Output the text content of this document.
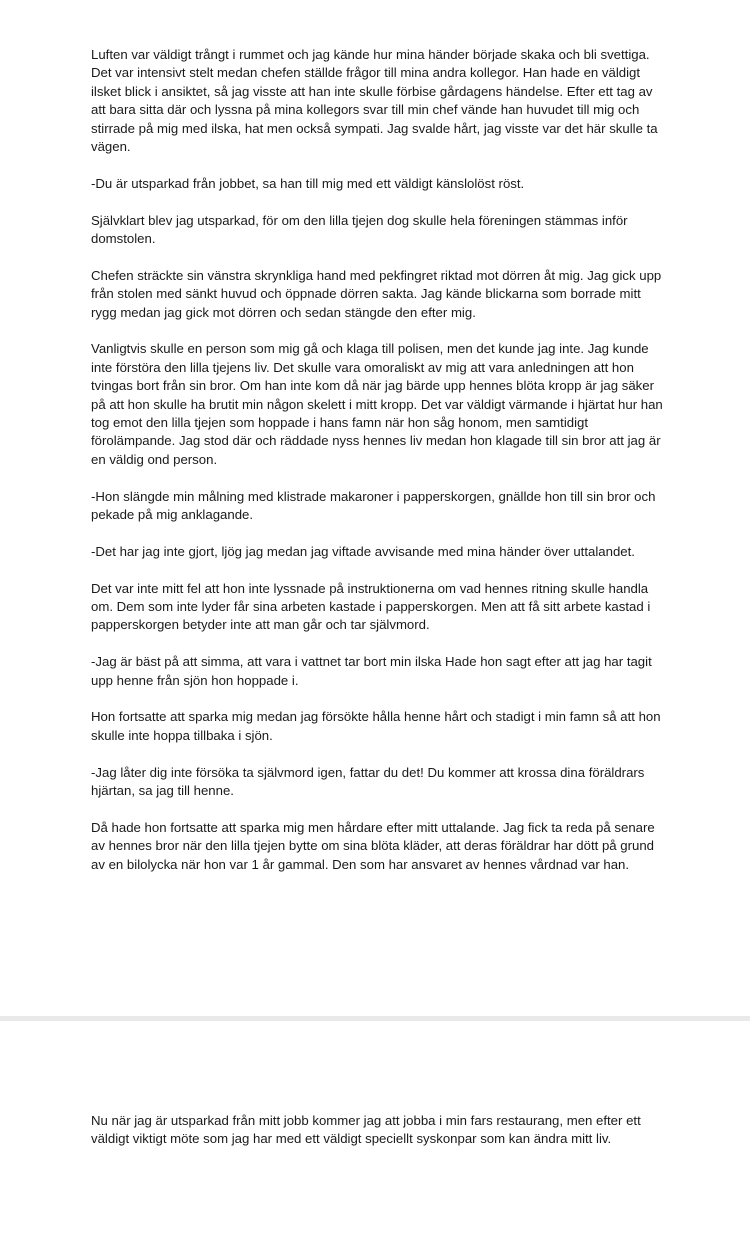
Luften var väldigt trångt i rummet och jag kände hur mina händer började skaka och bli svettiga. Det var intensivt stelt medan chefen ställde frågor till mina andra kollegor. Han hade en väldigt ilsket blick i ansiktet, så jag visste att han inte skulle förbise gårdagens händelse. Efter ett tag av att bara sitta där och lyssna på mina kollegors svar till min chef vände han huvudet till mig och stirrade på mig med ilska, hat men också sympati. Jag svalde hårt, jag visste var det här skulle ta vägen.

-Du är utsparkad från jobbet, sa han till mig med ett väldigt känslolöst röst.

Självklart blev jag utsparkad, för om den lilla tjejen dog skulle hela föreningen stämmas inför domstolen.

Chefen sträckte sin vänstra skrynkliga hand med pekfingret riktad mot dörren åt mig. Jag gick upp från stolen med sänkt huvud och öppnade dörren sakta. Jag kände blickarna som borrade mitt rygg medan jag gick mot dörren och sedan stängde den efter mig.

Vanligtvis skulle en person som mig gå och klaga till polisen, men det kunde jag inte. Jag kunde inte förstöra den lilla tjejens liv. Det skulle vara omoraliskt av mig att vara anledningen att hon tvingas bort från sin bror. Om han inte kom då när jag bärde upp hennes blöta kropp är jag säker på att hon skulle ha brutit min någon skelett i mitt kropp. Det var väldigt värmande i hjärtat hur han tog emot den lilla tjejen som hoppade i hans famn när hon såg honom, men samtidigt förolämpande. Jag stod där och räddade nyss hennes liv medan hon klagade till sin bror att jag är en väldig ond person.

-Hon slängde min målning med klistrade makaroner i papperskorgen, gnällde hon till sin bror och pekade på mig anklagande.

-Det har jag inte gjort, ljög jag medan jag viftade avvisande med mina händer över uttalandet.

Det var inte mitt fel att hon inte lyssnade på instruktionerna om vad hennes ritning skulle handla om. Dem som inte lyder får sina arbeten kastade i papperskorgen. Men att få sitt arbete kastad i papperskorgen betyder inte att man går och tar självmord.

-Jag är bäst på att simma, att vara i vattnet tar bort min ilska Hade hon sagt efter att jag har tagit upp henne från sjön hon hoppade i.

Hon fortsatte att sparka mig medan jag försökte hålla henne hårt och stadigt i min famn så att hon skulle inte hoppa tillbaka i sjön.

-Jag låter dig inte försöka ta självmord igen, fattar du det! Du kommer att krossa dina föräldrars hjärtan, sa jag till henne.

Då hade hon fortsatte att sparka mig men hårdare efter mitt uttalande. Jag fick ta reda på senare av hennes bror när den lilla tjejen bytte om sina blöta kläder, att deras föräldrar har dött på grund av en bilolycka när hon var 1 år gammal. Den som har ansvaret av hennes vårdnad var han.

Nu när jag är utsparkad från mitt jobb kommer jag att jobba i min fars restaurang, men efter ett väldigt viktigt möte som jag har med ett väldigt speciellt syskonpar som kan ändra mitt liv.
